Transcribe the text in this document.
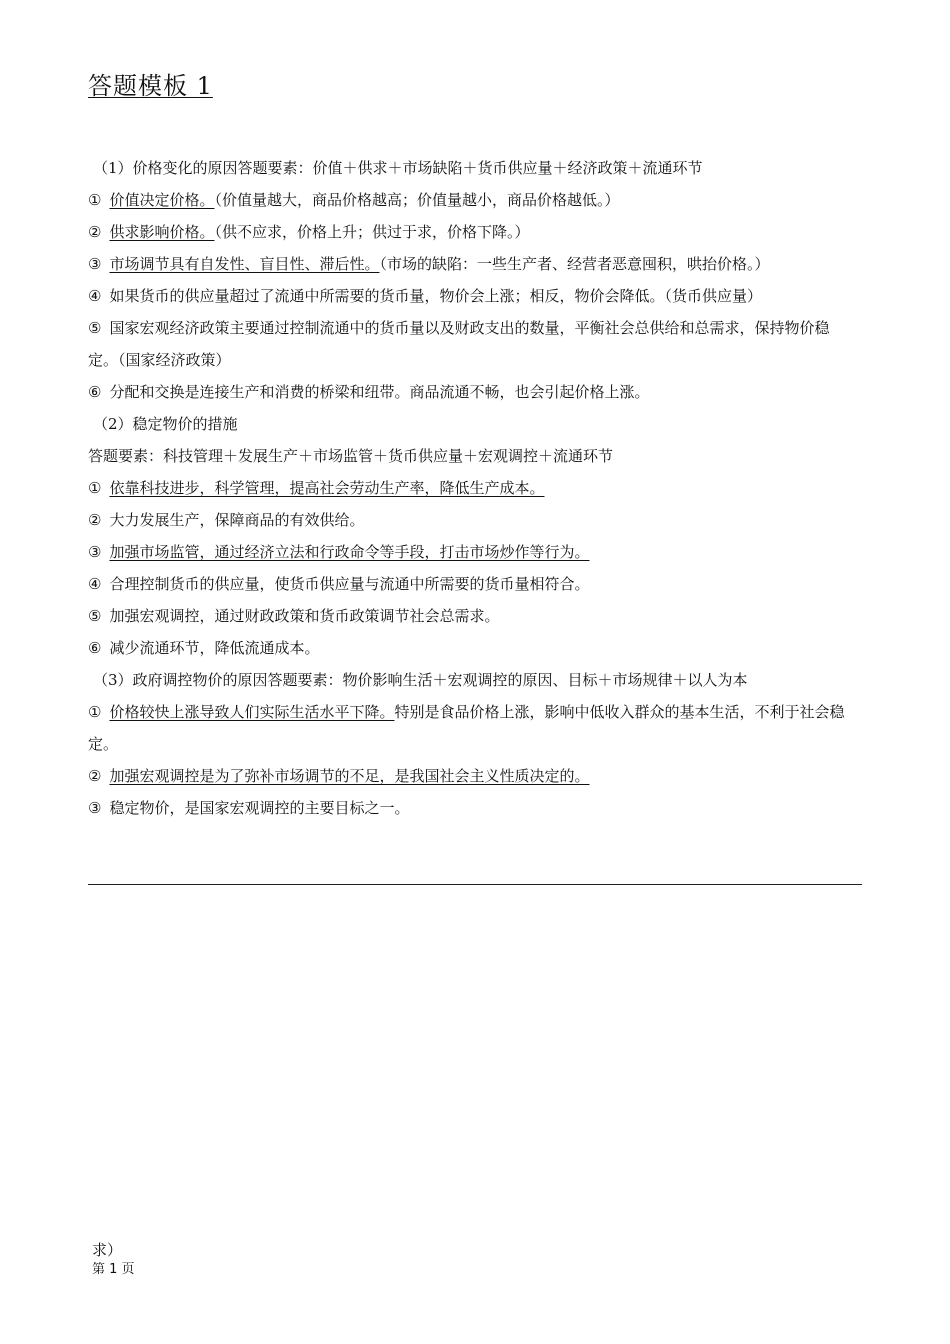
答题模板 1
（1）价格变化的原因答题要素：价值＋供求＋市场缺陷＋货币供应量＋经济政策＋流通环节
① 价值决定价格。（价值量越大，商品价格越高；价值量越小，商品价格越低。）
② 供求影响价格。（供不应求，价格上升；供过于求，价格下降。）
③ 市场调节具有自发性、盲目性、滞后性。（市场的缺陷：一些生产者、经营者恶意囤积，哄抬价格。）
④ 如果货币的供应量超过了流通中所需要的货币量，物价会上涨；相反，物价会降低。（货币供应量）
⑤ 国家宏观经济政策主要通过控制流通中的货币量以及财政支出的数量，平衡社会总供给和总需求，保持物价稳定。（国家经济政策）
⑥ 分配和交换是连接生产和消费的桥梁和纽带。商品流通不畅，也会引起价格上涨。
（2）稳定物价的措施
答题要素：科技管理＋发展生产＋市场监管＋货币供应量＋宏观调控＋流通环节
① 依靠科技进步，科学管理，提高社会劳动生产率，降低生产成本。
② 大力发展生产，保障商品的有效供给。
③ 加强市场监管，通过经济立法和行政命令等手段，打击市场炒作等行为。
④ 合理控制货币的供应量，使货币供应量与流通中所需要的货币量相符合。
⑤ 加强宏观调控，通过财政政策和货币政策调节社会总需求。
⑥ 减少流通环节，降低流通成本。
（3）政府调控物价的原因答题要素：物价影响生活＋宏观调控的原因、目标＋市场规律＋以人为本
① 价格较快上涨导致人们实际生活水平下降。特别是食品价格上涨，影响中低收入群众的基本生活，不利于社会稳定。
② 加强宏观调控是为了弥补市场调节的不足，是我国社会主义性质决定的。
③ 稳定物价，是国家宏观调控的主要目标之一。
求）
第 1 页
